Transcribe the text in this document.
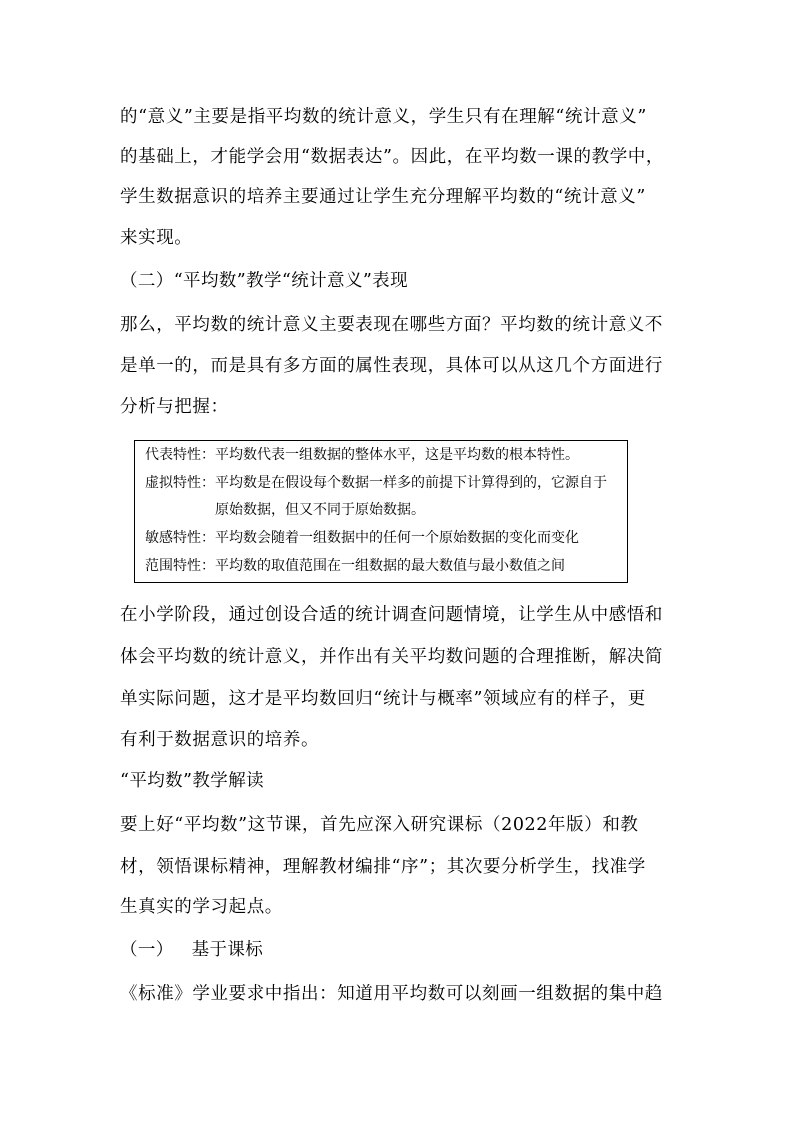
的“意义”主要是指平均数的统计意义，学生只有在理解“统计意义”
的基础上，才能学会用“数据表达”。因此，在平均数一课的教学中，
学生数据意识的培养主要通过让学生充分理解平均数的“统计意义”
来实现。
（二）“平均数”教学“统计意义”表现
那么，平均数的统计意义主要表现在哪些方面？平均数的统计意义不
是单一的，而是具有多方面的属性表现，具体可以从这几个方面进行
分析与把握：
代表特性：平均数代表一组数据的整体水平，这是平均数的根本特性。
虚拟特性：平均数是在假设每个数据一样多的前提下计算得到的，它源自于
原始数据，但又不同于原始数据。
敏感特性：平均数会随着一组数据中的任何一个原始数据的变化而变化
范围特性：平均数的取值范围在一组数据的最大数值与最小数值之间
在小学阶段，通过创设合适的统计调查问题情境，让学生从中感悟和
体会平均数的统计意义，并作出有关平均数问题的合理推断，解决简
单实际问题，这才是平均数回归“统计与概率”领域应有的样子，更
有利于数据意识的培养。
“平均数”教学解读
要上好“平均数”这节课，首先应深入研究课标（2022年版）和教
材，领悟课标精神，理解教材编排“序”；其次要分析学生，找准学
生真实的学习起点。
（一）   基于课标
《标准》学业要求中指出：知道用平均数可以刻画一组数据的集中趋
